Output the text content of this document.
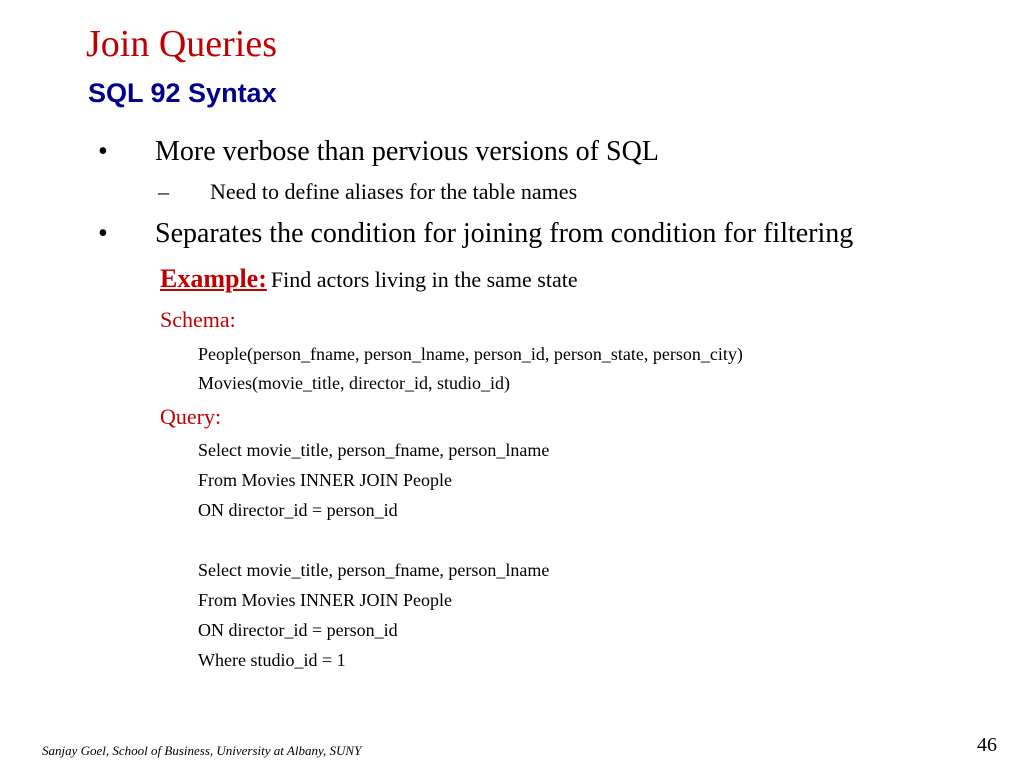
Join Queries
SQL 92 Syntax
• More verbose than pervious versions of SQL
– Need to define aliases for the table names
• Separates the condition for joining from condition for filtering
Example: Find actors living in the same state
Schema:
People(person_fname, person_lname, person_id, person_state, person_city)
Movies(movie_title, director_id, studio_id)
Query:
Select movie_title, person_fname, person_lname
From Movies INNER JOIN People
ON director_id = person_id
Select movie_title, person_fname, person_lname
From Movies INNER JOIN People
ON director_id = person_id
Where studio_id = 1
Sanjay Goel, School of Business, University at Albany, SUNY	46
